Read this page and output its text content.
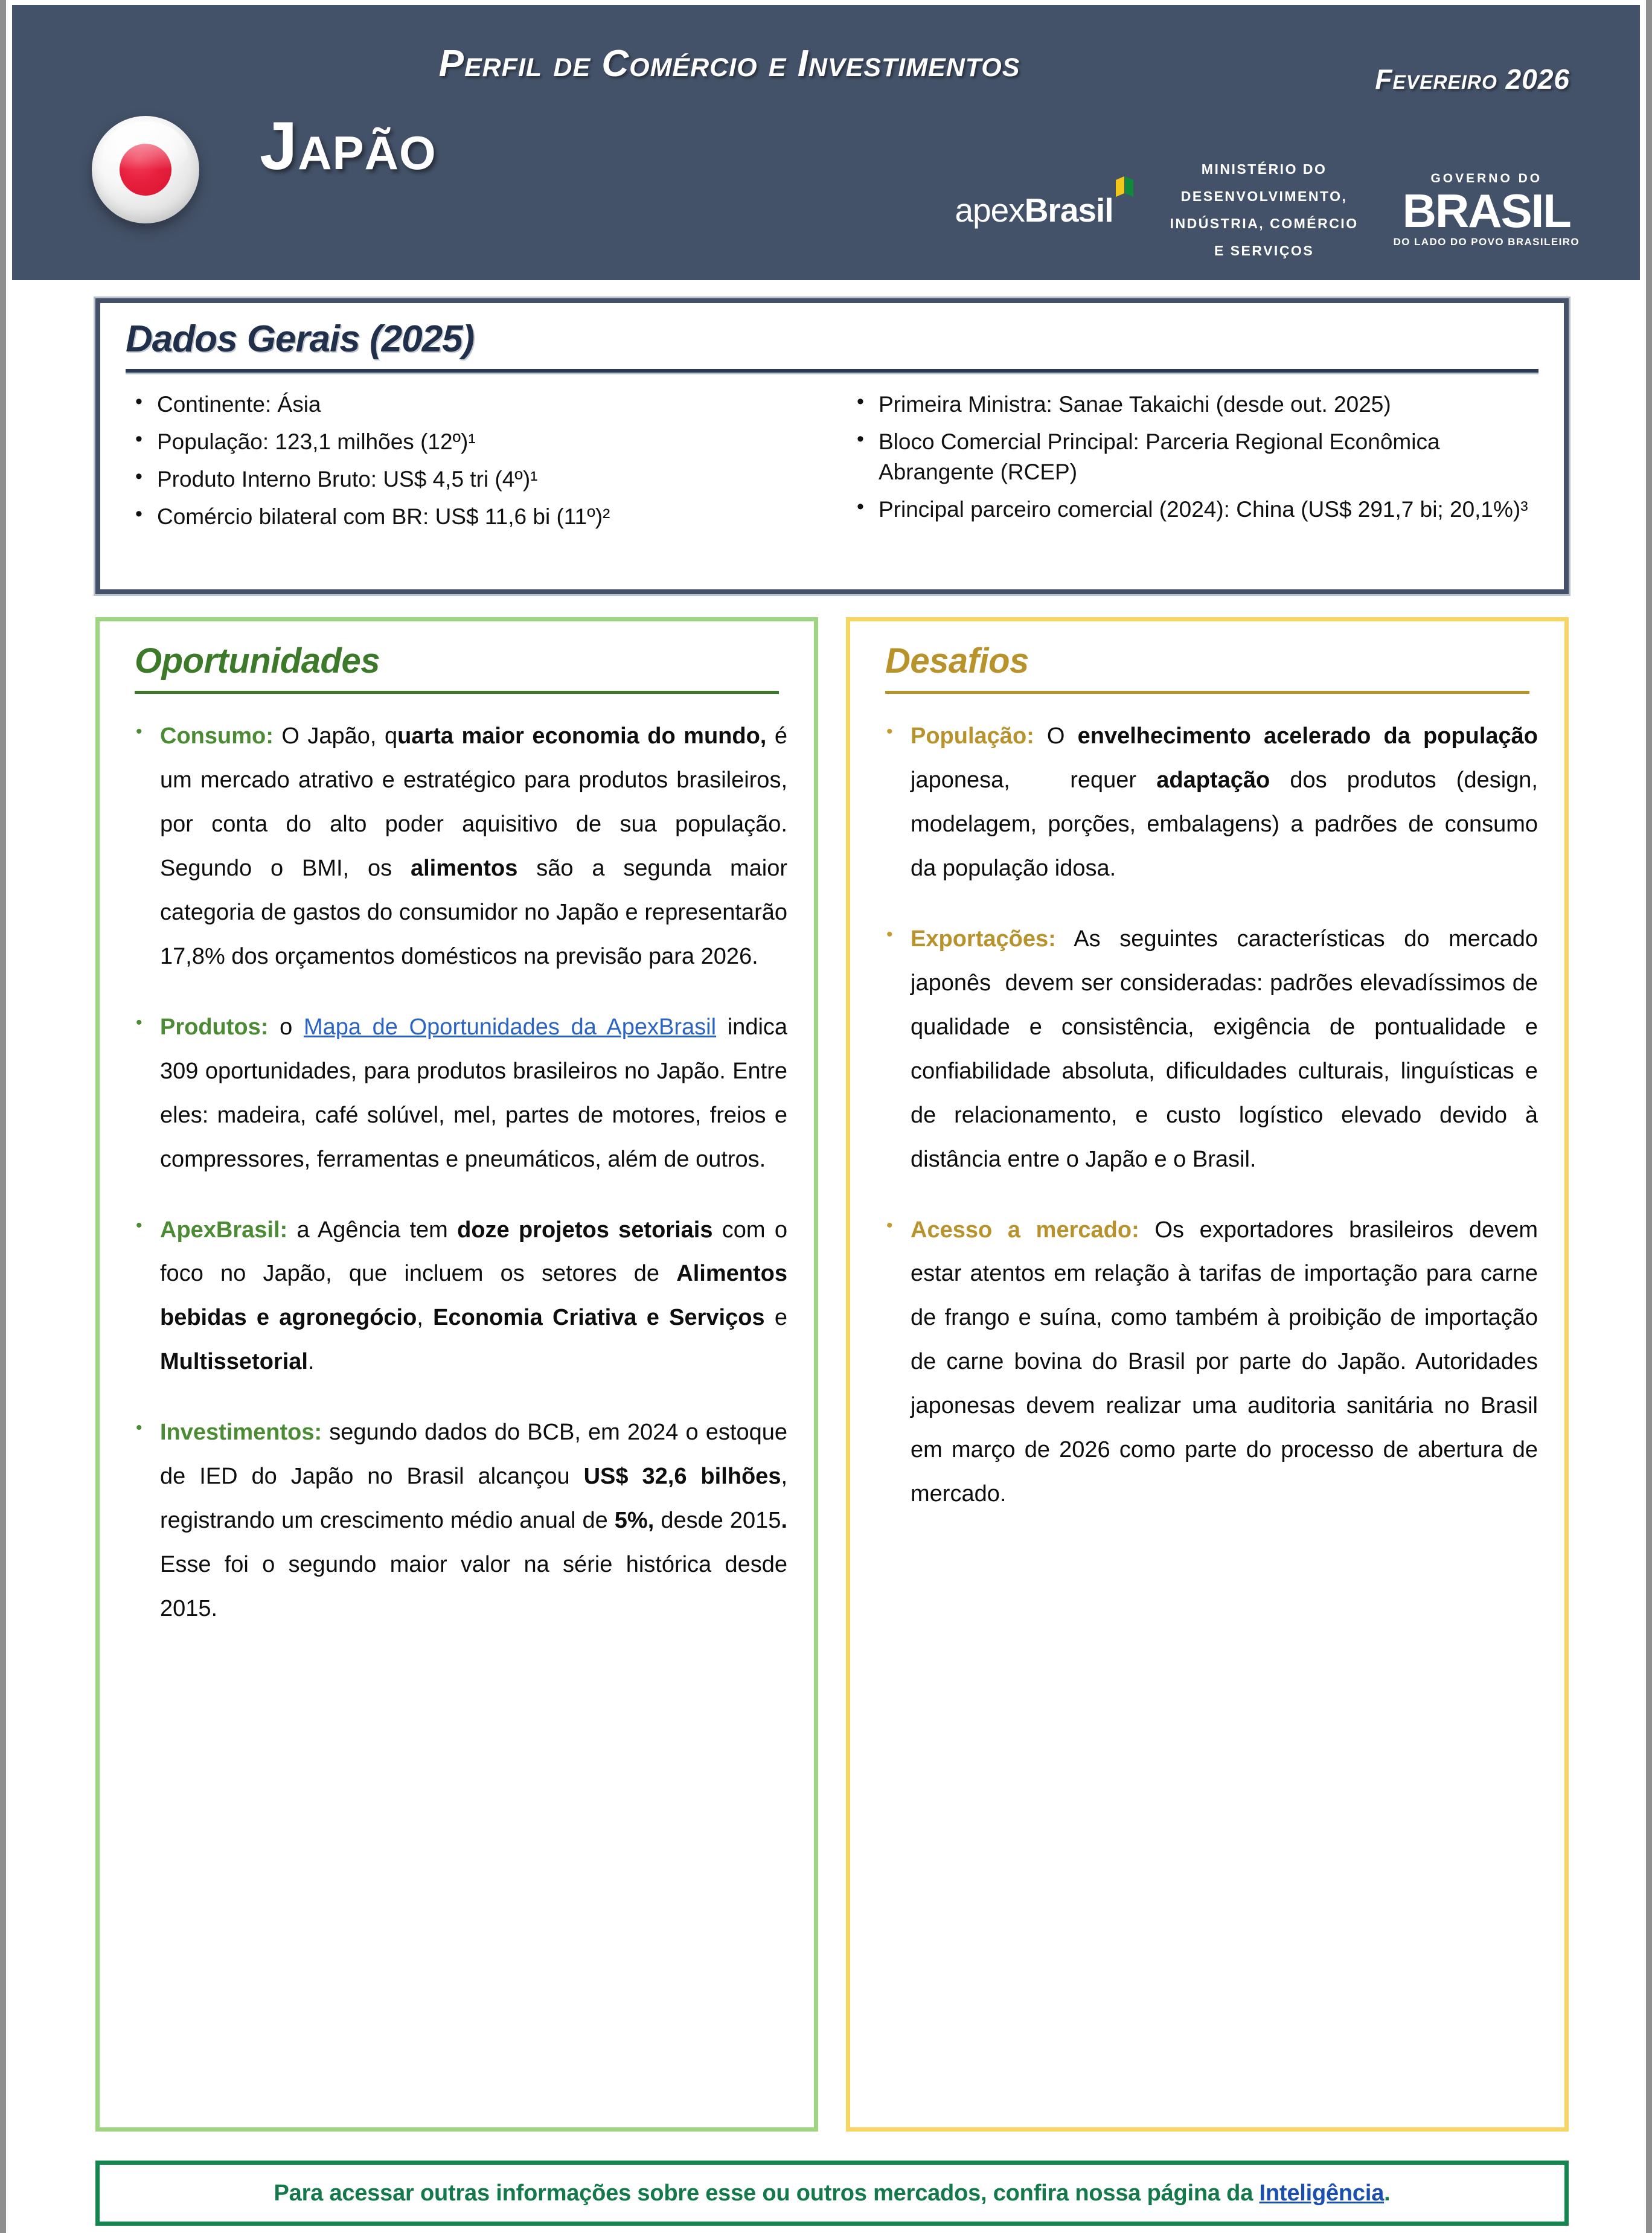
Perfil de Comércio e Investimentos	Fevereiro 2026
Japão
apexBrasil
MINISTÉRIO DO
DESENVOLVIMENTO,
INDÚSTRIA, COMÉRCIO
E SERVIÇOS
GOVERNO DO
BRASIL
DO LADO DO POVO BRASILEIRO
Dados Gerais (2025)
• Continente: Ásia
• População: 123,1 milhões (12º)¹
• Produto Interno Bruto: US$ 4,5 tri (4º)¹
• Comércio bilateral com BR: US$ 11,6 bi (11º)²
• Primeira Ministra: Sanae Takaichi (desde out. 2025)
• Bloco Comercial Principal: Parceria Regional Econômica Abrangente (RCEP)
• Principal parceiro comercial (2024): China (US$ 291,7 bi; 20,1%)³
Oportunidades
• Consumo: O Japão, quarta maior economia do mundo, é um mercado atrativo e estratégico para produtos brasileiros, por conta do alto poder aquisitivo de sua população. Segundo o BMI, os alimentos são a segunda maior categoria de gastos do consumidor no Japão e representarão 17,8% dos orçamentos domésticos na previsão para 2026.
• Produtos: o Mapa de Oportunidades da ApexBrasil indica 309 oportunidades, para produtos brasileiros no Japão. Entre eles: madeira, café solúvel, mel, partes de motores, freios e compressores, ferramentas e pneumáticos, além de outros.
• ApexBrasil: a Agência tem doze projetos setoriais com o foco no Japão, que incluem os setores de Alimentos bebidas e agronegócio, Economia Criativa e Serviços e Multissetorial.
• Investimentos: segundo dados do BCB, em 2024 o estoque de IED do Japão no Brasil alcançou US$ 32,6 bilhões, registrando um crescimento médio anual de 5%, desde 2015. Esse foi o segundo maior valor na série histórica desde 2015.
Desafios
• População: O envelhecimento acelerado da população japonesa,   requer adaptação dos produtos (design, modelagem, porções, embalagens) a padrões de consumo da população idosa.
• Exportações: As seguintes características do mercado japonês  devem ser consideradas: padrões elevadíssimos de qualidade e consistência, exigência de pontualidade e confiabilidade absoluta, dificuldades culturais, linguísticas e de relacionamento, e custo logístico elevado devido à distância entre o Japão e o Brasil.
• Acesso a mercado: Os exportadores brasileiros devem estar atentos em relação à tarifas de importação para carne de frango e suína, como também à proibição de importação de carne bovina do Brasil por parte do Japão. Autoridades japonesas devem realizar uma auditoria sanitária no Brasil em março de 2026 como parte do processo de abertura de mercado.
Para acessar outras informações sobre esse ou outros mercados, confira nossa página da Inteligência.
